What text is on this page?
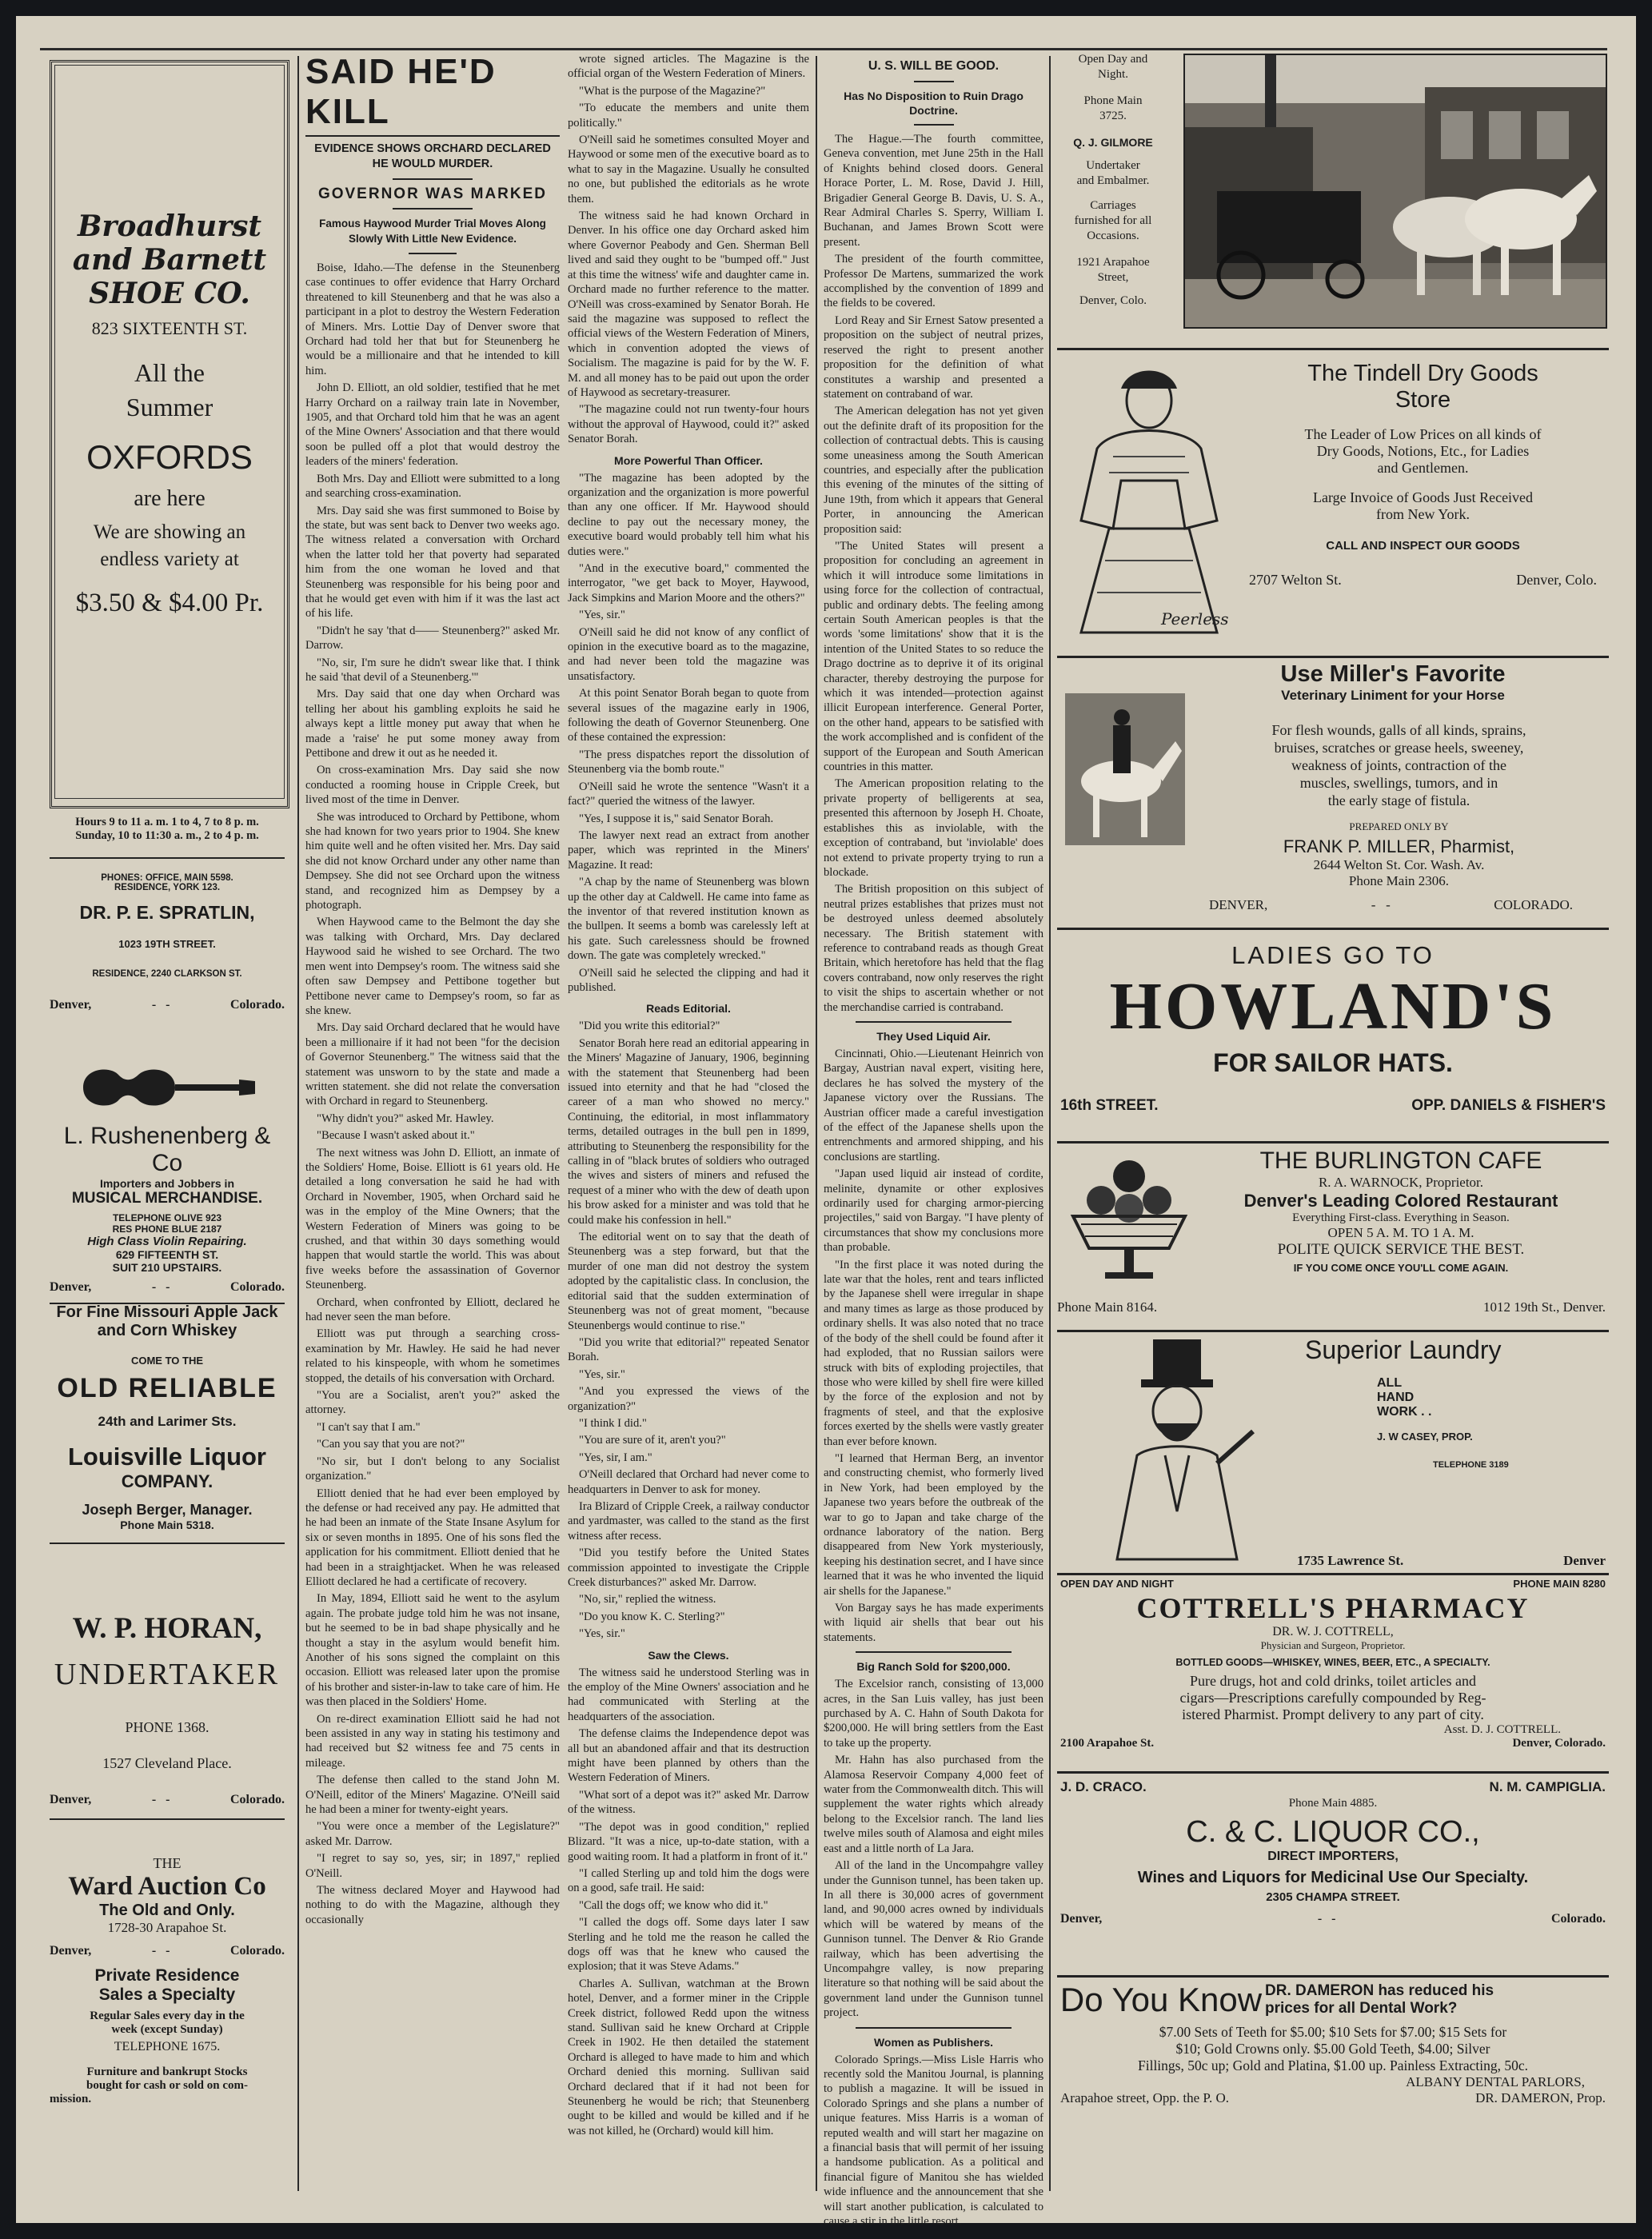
Broadhurst and Barnett SHOE CO.
823 SIXTEENTH ST.
All the
Summer
OXFORDS
are here
We are showing an
endless variety at
$3.50 & $4.00 Pr.
Hours 9 to 11 a. m. 1 to 4, 7 to 8 p. m.
Sunday, 10 to 11:30 a. m., 2 to 4 p. m.
PHONES: OFFICE, MAIN 5598.
RESIDENCE, YORK 123.
DR. P. E. SPRATLIN,
1023 19TH STREET.
RESIDENCE, 2240 CLARKSON ST.
Denver,	-   -	Colorado.
L. Rushenenberg & Co
Importers and Jobbers in
MUSICAL MERCHANDISE.
TELEPHONE OLIVE 923
RES PHONE BLUE 2187
High Class Violin Repairing.
629 FIFTEENTH ST.
SUIT 210 UPSTAIRS.
Denver,	-   -	Colorado.
For Fine Missouri Apple Jack
and Corn Whiskey
COME TO THE
OLD RELIABLE
24th and Larimer Sts.
Louisville Liquor
COMPANY.
Joseph Berger, Manager.
Phone Main 5318.
W. P. HORAN,
UNDERTAKER
PHONE 1368.
1527 Cleveland Place.
Denver,	-   -	Colorado.
THE
Ward Auction Co
The Old and Only.
1728-30 Arapahoe St.
Denver,	-   -	Colorado.
Private Residence
Sales a Specialty
Regular Sales every day in the
week (except Sunday)
TELEPHONE 1675.
Furniture and bankrupt Stocks
bought for cash or sold on com-
mission.
SAID HE'D KILL
EVIDENCE SHOWS ORCHARD DECLARED HE WOULD MURDER.
GOVERNOR WAS MARKED
Famous Haywood Murder Trial Moves Along Slowly With Little New Evidence.

Boise, Idaho.—The defense in the Steunenberg case continues to offer evidence that Harry Orchard threatened to kill Steunenberg and that he was also a participant in a plot to destroy the Western Federation of Miners. Mrs. Lottie Day of Denver swore that Orchard had told her that but for Steunenberg he would be a millionaire and that he intended to kill him.

John D. Elliott, an old soldier, testified that he met Harry Orchard on a railway train late in November, 1905, and that Orchard told him that he was an agent of the Mine Owners' Association and that there would soon be pulled off a plot that would destroy the leaders of the miners' federation.

Both Mrs. Day and Elliott were submitted to a long and searching cross-examination.

Mrs. Day said she was first summoned to Boise by the state, but was sent back to Denver two weeks ago. The witness related a conversation with Orchard when the latter told her that poverty had separated him from the one woman he loved and that Steunenberg was responsible for his being poor and that he would get even with him if it was the last act of his life.

"Didn't he say 'that d—— Steunenberg?" asked Mr. Darrow.

"No, sir, I'm sure he didn't swear like that. I think he said 'that devil of a Steunenberg.'"

Mrs. Day said that one day when Orchard was telling her about his gambling exploits he said he always kept a little money put away that when he made a 'raise' he put some money away from Pettibone and drew it out as he needed it.

On cross-examination Mrs. Day said she now conducted a rooming house in Cripple Creek, but lived most of the time in Denver.

She was introduced to Orchard by Pettibone, whom she had known for two years prior to 1904. She knew him quite well and he often visited her. Mrs. Day said she did not know Orchard under any other name than Dempsey. She did not see Orchard upon the witness stand, and recognized him as Dempsey by a photograph.

When Haywood came to the Belmont the day she was talking with Orchard, Mrs. Day declared Haywood said he wished to see Orchard. The two men went into Dempsey's room. The witness said she often saw Dempsey and Pettibone together but Pettibone never came to Dempsey's room, so far as she knew.

Mrs. Day said Orchard declared that he would have been a millionaire if it had not been "for the decision of Governor Steunenberg." The witness said that the statement was unsworn to by the state and made a written statement. she did not relate the conversation with Orchard in regard to Steunenberg.

"Why didn't you?" asked Mr. Hawley.

"Because I wasn't asked about it."

The next witness was John D. Elliott, an inmate of the Soldiers' Home, Boise. Elliott is 61 years old. He detailed a long conversation he said he had with Orchard in November, 1905, when Orchard said he was in the employ of the Mine Owners; that the Western Federation of Miners was going to be crushed, and that within 30 days something would happen that would startle the world. This was about five weeks before the assassination of Governor Steunenberg.

Orchard, when confronted by Elliott, declared he had never seen the man before.

Elliott was put through a searching cross-examination by Mr. Hawley. He said he had never related to his kinspeople, with whom he sometimes stopped, the details of his conversation with Orchard.

"You are a Socialist, aren't you?" asked the attorney.

"I can't say that I am."

"Can you say that you are not?"

"No sir, but I don't belong to any Socialist organization."

Elliott denied that he had ever been employed by the defense or had received any pay. He admitted that he had been an inmate of the State Insane Asylum for six or seven months in 1895. One of his sons fled the application for his commitment. Elliott denied that he had been in a straightjacket. When he was released Elliott declared he had a certificate of recovery.

In May, 1894, Elliott said he went to the asylum again. The probate judge told him he was not insane, but he seemed to be in bad shape physically and he thought a stay in the asylum would benefit him. Another of his sons signed the complaint on this occasion. Elliott was released later upon the promise of his brother and sister-in-law to take care of him. He was then placed in the Soldiers' Home.

On re-direct examination Elliott said he had not been assisted in any way in stating his testimony and had received but $2 witness fee and 75 cents in mileage.

The defense then called to the stand John M. O'Neill, editor of the Miners' Magazine. O'Neill said he had been a miner for twenty-eight years.

"You were once a member of the Legislature?" asked Mr. Darrow.

"I regret to say so, yes, sir; in 1897," replied O'Neill.

The witness declared Moyer and Haywood had nothing to do with the Magazine, although they occasionally

wrote signed articles. The Magazine is the official organ of the Western Federation of Miners.

"What is the purpose of the Magazine?"

"To educate the members and unite them politically."

O'Neill said he sometimes consulted Moyer and Haywood or some men of the executive board as to what to say in the Magazine. Usually he consulted no one, but published the editorials as he wrote them.

The witness said he had known Orchard in Denver. In his office one day Orchard asked him where Governor Peabody and Gen. Sherman Bell lived and said they ought to be "bumped off." Just at this time the witness' wife and daughter came in. Orchard made no further reference to the matter. O'Neill was cross-examined by Senator Borah. He said the magazine was supposed to reflect the official views of the Western Federation of Miners, which in convention adopted the views of Socialism. The magazine is paid for by the W. F. M. and all money has to be paid out upon the order of Haywood as secretary-treasurer.

"The magazine could not run twenty-four hours without the approval of Haywood, could it?" asked Senator Borah.

More Powerful Than Officer.

"The magazine has been adopted by the organization and the organization is more powerful than any one officer. If Mr. Haywood should decline to pay out the necessary money, the executive board would probably tell him what his duties were."

"And in the executive board," commented the interrogator, "we get back to Moyer, Haywood, Jack Simpkins and Marion Moore and the others?"

"Yes, sir."

O'Neill said he did not know of any conflict of opinion in the executive board as to the magazine, and had never been told the magazine was unsatisfactory.

At this point Senator Borah began to quote from several issues of the magazine early in 1906, following the death of Governor Steunenberg. One of these contained the expression:

"The press dispatches report the dissolution of Steunenberg via the bomb route."

O'Neill said he wrote the sentence "Wasn't it a fact?" queried the witness of the lawyer.

"Yes, I suppose it is," said Senator Borah.

The lawyer next read an extract from another paper, which was reprinted in the Miners' Magazine. It read:

"A chap by the name of Steunenberg was blown up the other day at Caldwell. He came into fame as the inventor of that revered institution known as the bullpen. It seems a bomb was carelessly left at his gate. Such carelessness should be frowned down. The gate was completely wrecked."

O'Neill said he selected the clipping and had it published.

Reads Editorial.

"Did you write this editorial?"

Senator Borah here read an editorial appearing in the Miners' Magazine of January, 1906, beginning with the statement that Steunenberg had been issued into eternity and that he had "closed the career of a man who showed no mercy." Continuing, the editorial, in most inflammatory terms, detailed outrages in the bull pen in 1899, attributing to Steunenberg the responsibility for the calling in of "black brutes of soldiers who outraged the wives and sisters of miners and refused the request of a miner who with the dew of death upon his brow asked for a minister and was told that he could make his confession in hell."

The editorial went on to say that the death of Steunenberg was a step forward, but that the murder of one man did not destroy the system adopted by the capitalistic class. In conclusion, the editorial said that the sudden extermination of Steunenberg was not of great moment, "because Steunenbergs would continue to rise."

"Did you write that editorial?" repeated Senator Borah.

"Yes, sir."

"And you expressed the views of the organization?"

"I think I did."

"You are sure of it, aren't you?"

"Yes, sir, I am."

O'Neill declared that Orchard had never come to headquarters in Denver to ask for money.

Ira Blizard of Cripple Creek, a railway conductor and yardmaster, was called to the stand as the first witness after recess.

"Did you testify before the United States commission appointed to investigate the Cripple Creek disturbances?" asked Mr. Darrow.

"No, sir," replied the witness.

"Do you know K. C. Sterling?"

"Yes, sir."

Saw the Clews.

The witness said he understood Sterling was in the employ of the Mine Owners' association and he had communicated with Sterling at the headquarters of the association.

The defense claims the Independence depot was all but an abandoned affair and that its destruction might have been planned by others than the Western Federation of Miners.

"What sort of a depot was it?" asked Mr. Darrow of the witness.

"The depot was in good condition," replied Blizard. "It was a nice, up-to-date station, with a good waiting room. It had a platform in front of it."

"I called Sterling up and told him the dogs were on a good, safe trail. He said:

"Call the dogs off; we know who did it."

"I called the dogs off. Some days later I saw Sterling and he told me the reason he called the dogs off was that he knew who caused the explosion; that it was Steve Adams."

Charles A. Sullivan, watchman at the Brown hotel, Denver, and a former miner in the Cripple Creek district, followed Redd upon the witness stand. Sullivan said he knew Orchard at Cripple Creek in 1902. He then detailed the statement Orchard is alleged to have made to him and which Orchard denied this morning. Sullivan said Orchard declared that if it had not been for Steunenberg he would be rich; that Steunenberg ought to be killed and would be killed and if he was not killed, he (Orchard) would kill him.

U. S. WILL BE GOOD.
Has No Disposition to Ruin Drago Doctrine.

The Hague.—The fourth committee, Geneva convention, met June 25th in the Hall of Knights behind closed doors. General Horace Porter, L. M. Rose, David J. Hill, Brigadier General George B. Davis, U. S. A., Rear Admiral Charles S. Sperry, William I. Buchanan, and James Brown Scott were present.

The president of the fourth committee, Professor De Martens, summarized the work accomplished by the convention of 1899 and the fields to be covered.

Lord Reay and Sir Ernest Satow presented a proposition on the subject of neutral prizes, reserved the right to present another proposition for the definition of what constitutes a warship and presented a statement on contraband of war.

The American delegation has not yet given out the definite draft of its proposition for the collection of contractual debts. This is causing some uneasiness among the South American countries, and especially after the publication this evening of the minutes of the sitting of June 19th, from which it appears that General Porter, in announcing the American proposition said:

"The United States will present a proposition for concluding an agreement in which it will introduce some limitations in using force for the collection of contractual, public and ordinary debts. The feeling among certain South American peoples is that the words 'some limitations' show that it is the intention of the United States to so reduce the Drago doctrine as to deprive it of its original character, thereby destroying the purpose for which it was intended—protection against illicit European interference. General Porter, on the other hand, appears to be satisfied with the work accomplished and is confident of the support of the European and South American countries in this matter.

The American proposition relating to the private property of belligerents at sea, presented this afternoon by Joseph H. Choate, establishes this as inviolable, with the exception of contraband, but 'inviolable' does not extend to private property trying to run a blockade.

The British proposition on this subject of neutral prizes establishes that prizes must not be destroyed unless deemed absolutely necessary. The British statement with reference to contraband reads as though Great Britain, which heretofore has held that the flag covers contraband, now only reserves the right to visit the ships to ascertain whether or not the merchandise carried is contraband.

They Used Liquid Air.

Cincinnati, Ohio.—Lieutenant Heinrich von Bargay, Austrian naval expert, visiting here, declares he has solved the mystery of the Japanese victory over the Russians. The Austrian officer made a careful investigation of the effect of the Japanese shells upon the entrenchments and armored shipping, and his conclusions are startling.

"Japan used liquid air instead of cordite, melinite, dynamite or other explosives ordinarily used for charging armor-piercing projectiles," said von Bargay. "I have plenty of circumstances that show my conclusions more than probable.

"In the first place it was noted during the late war that the holes, rent and tears inflicted by the Japanese shell were irregular in shape and many times as large as those produced by ordinary shells. It was also noted that no trace of the body of the shell could be found after it had exploded, that no Russian sailors were struck with bits of exploding projectiles, that those who were killed by shell fire were killed by the force of the explosion and not by fragments of steel, and that the explosive forces exerted by the shells were vastly greater than ever before known.

"I learned that Herman Berg, an inventor and constructing chemist, who formerly lived in New York, had been employed by the Japanese two years before the outbreak of the war to go to Japan and take charge of the ordnance laboratory of the nation. Berg disappeared from New York mysteriously, keeping his destination secret, and I have since learned that it was he who invented the liquid air shells for the Japanese."

Von Bargay says he has made experiments with liquid air shells that bear out his statements.

Big Ranch Sold for $200,000.

The Excelsior ranch, consisting of 13,000 acres, in the San Luis valley, has just been purchased by A. C. Hahn of South Dakota for $200,000. He will bring settlers from the East to take up the property.

Mr. Hahn has also purchased from the Alamosa Reservoir Company 4,000 feet of water from the Commonwealth ditch. This will supplement the water rights which already belong to the Excelsior ranch. The land lies twelve miles south of Alamosa and eight miles east and a little north of La Jara.

All of the land in the Uncompahgre valley under the Gunnison tunnel, has been taken up. In all there is 30,000 acres of government land, and 90,000 acres owned by individuals which will be watered by means of the Gunnison tunnel. The Denver & Rio Grande railway, which has been advertising the Uncompahgre valley, is now preparing literature so that nothing will be said about the government land under the Gunnison tunnel project.

Women as Publishers.

Colorado Springs.—Miss Lisle Harris who recently sold the Manitou Journal, is planning to publish a magazine. It will be issued in Colorado Springs and she plans a number of unique features. Miss Harris is a woman of reputed wealth and will start her magazine on a financial basis that will permit of her issuing a handsome publication. As a political and financial figure of Manitou she has wielded wide influence and the announcement that she will start another publication, is calculated to cause a stir in the little resort.

Open Day and
Night.
Phone Main
3725.
Q. J. GILMORE
Undertaker
and Embalmer.
Carriages
furnished for all
Occasions.
1921 Arapahoe
Street,
Denver, Colo.
Peerless
The Tindell Dry Goods
Store
The Leader of Low Prices on all kinds of
Dry Goods, Notions, Etc., for Ladies
and Gentlemen.
Large Invoice of Goods Just Received
from New York.
CALL AND INSPECT OUR GOODS
2707 Welton St.	Denver, Colo.
Use Miller's Favorite
Veterinary Liniment for your Horse
For flesh wounds, galls of all kinds, sprains,
bruises, scratches or grease heels, sweeney,
weakness of joints, contraction of the
muscles, swellings, tumors, and in
the early stage of fistula.
PREPARED ONLY BY
FRANK P. MILLER, Pharmist,
2644 Welton St. Cor. Wash. Av.
Phone Main 2306.
DENVER,	-   -	COLORADO.
LADIES GO TO
HOWLAND'S
FOR SAILOR HATS.
16th STREET.	OPP. DANIELS & FISHER'S
THE BURLINGTON CAFE
R. A. WARNOCK, Proprietor.
Denver's Leading Colored Restaurant
Everything First-class. Everything in Season.
OPEN 5 A. M. TO 1 A. M.
POLITE QUICK SERVICE THE BEST.
IF YOU COME ONCE YOU'LL COME AGAIN.
Phone Main 8164.	1012 19th St., Denver.
Superior Laundry
ALL
HAND
WORK . .
J. W CASEY, PROP.
TELEPHONE 3189
1735 Lawrence St.	Denver
OPEN DAY AND NIGHT	PHONE MAIN 8280
COTTRELL'S PHARMACY
DR. W. J. COTTRELL,
Physician and Surgeon, Proprietor.
BOTTLED GOODS—WHISKEY, WINES, BEER, ETC., A SPECIALTY.
Pure drugs, hot and cold drinks, toilet articles and
cigars—Prescriptions carefully compounded by Reg-
istered Pharmist. Prompt delivery to any part of city.
Asst. D. J. COTTRELL.
2100 Arapahoe St.	Denver, Colorado.
J. D. CRACO.	N. M. CAMPIGLIA.
Phone Main 4885.
C. & C. LIQUOR CO.,
DIRECT IMPORTERS,
Wines and Liquors for Medicinal Use Our Specialty.
2305 CHAMPA STREET.
Denver,	-   -	Colorado.
Do You Know DR. DAMERON has reduced his
prices for all Dental Work?
$7.00 Sets of Teeth for $5.00; $10 Sets for $7.00; $15 Sets for
$10; Gold Crowns only. $5.00 Gold Teeth, $4.00; Silver
Fillings, 50c up; Gold and Platina, $1.00 up. Painless Extracting, 50c.
ALBANY DENTAL PARLORS,
Arapahoe street, Opp. the P. O.	DR. DAMERON, Prop.
